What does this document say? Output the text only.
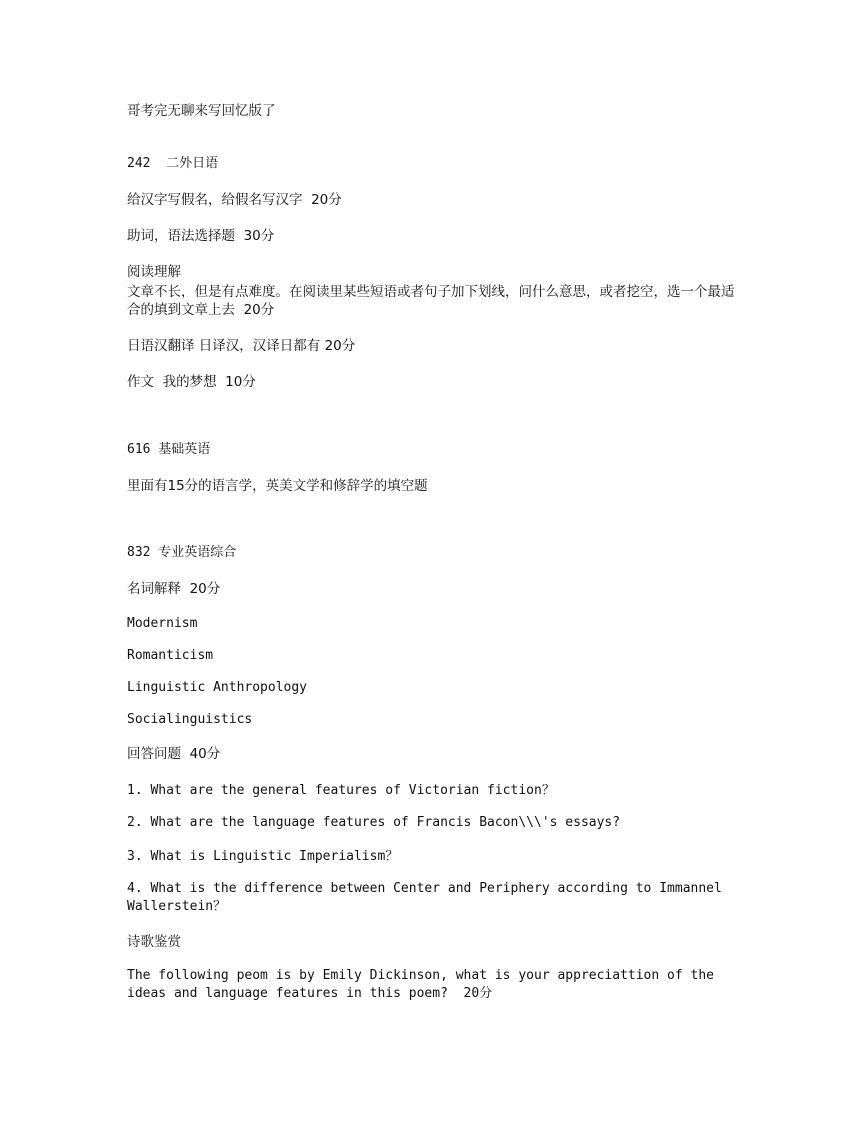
哥考完无聊来写回忆版了
242  二外日语
给汉字写假名，给假名写汉字  20分
助词，语法选择题  30分
阅读理解
文章不长，但是有点难度。在阅读里某些短语或者句子加下划线，问什么意思，或者挖空，选一个最适合的填到文章上去  20分
日语汉翻译 日译汉，汉译日都有 20分
作文  我的梦想  10分
616 基础英语
里面有15分的语言学，英美文学和修辞学的填空题
832 专业英语综合
名词解释  20分
Modernism
Romanticism
Linguistic Anthropology
Socialinguistics
回答问题  40分
1. What are the general features of Victorian fiction？
2. What are the language features of Francis Bacon\\\'s essays?
3. What is Linguistic Imperialism？
4. What is the difference between Center and Periphery according to Immannel Wallerstein？
诗歌鉴赏
The following peom is by Emily Dickinson, what is your appreciattion of the ideas and language features in this poem?  20分
